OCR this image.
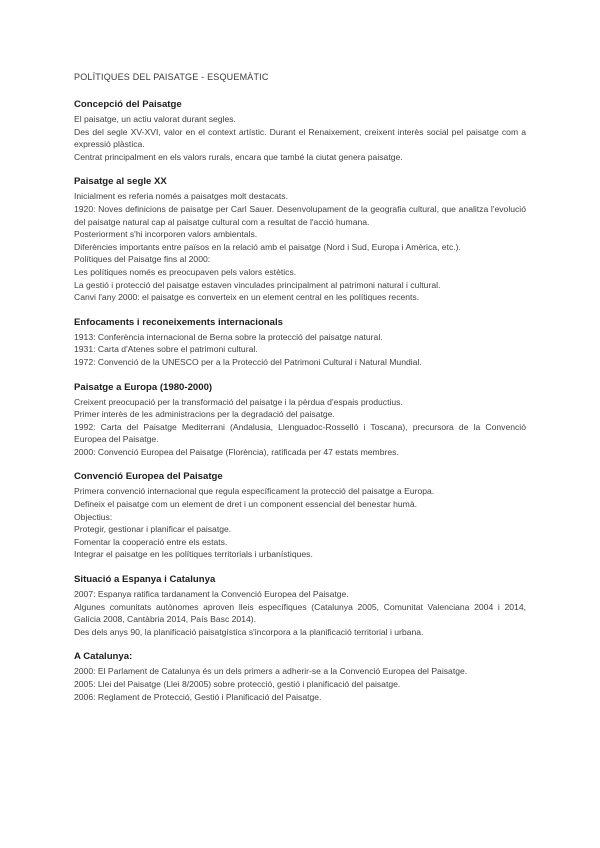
POLÍTIQUES DEL PAISATGE - ESQUEMÀTIC
Concepció del Paisatge

El paisatge, un actiu valorat durant segles.

Des del segle XV-XVI, valor en el context artístic. Durant el Renaixement, creixent interès social pel paisatge com a expressió plàstica.

Centrat principalment en els valors rurals, encara que també la ciutat genera paisatge.

Paisatge al segle XX

Inicialment es referia només a paisatges molt destacats.

1920: Noves definicions de paisatge per Carl Sauer. Desenvolupament de la geografia cultural, que analitza l'evolució del paisatge natural cap al paisatge cultural com a resultat de l'acció humana.

Posteriorment s'hi incorporen valors ambientals.

Diferències importants entre països en la relació amb el paisatge (Nord i Sud, Europa i Amèrica, etc.).

Polítiques del Paisatge fins al 2000:

Les polítiques només es preocupaven pels valors estètics.

La gestió i protecció del paisatge estaven vinculades principalment al patrimoni natural i cultural.

Canvi l'any 2000: el paisatge es converteix en un element central en les polítiques recents.

Enfocaments i reconeixements internacionals

1913: Conferència internacional de Berna sobre la protecció del paisatge natural.

1931: Carta d'Atenes sobre el patrimoni cultural.

1972: Convenció de la UNESCO per a la Protecció del Patrimoni Cultural i Natural Mundial.

Paisatge a Europa (1980-2000)

Creixent preocupació per la transformació del paisatge i la pèrdua d'espais productius.

Primer interès de les administracions per la degradació del paisatge.

1992: Carta del Paisatge Mediterrani (Andalusia, Llenguadoc-Rosselló i Toscana), precursora de la Convenció Europea del Paisatge.

2000: Convenció Europea del Paisatge (Florència), ratificada per 47 estats membres.

Convenció Europea del Paisatge

Primera convenció internacional que regula específicament la protecció del paisatge a Europa.

Defineix el paisatge com un element de dret i un component essencial del benestar humà.

Objectius:

Protegir, gestionar i planificar el paisatge.

Fomentar la cooperació entre els estats.

Integrar el paisatge en les polítiques territorials i urbanístiques.

Situació a Espanya i Catalunya

2007: Espanya ratifica tardanament la Convenció Europea del Paisatge.

Algunes comunitats autònomes aproven lleis específiques (Catalunya 2005, Comunitat Valenciana 2004 i 2014, Galícia 2008, Cantàbria 2014, País Basc 2014).

Des dels anys 90, la planificació paisatgística s'incorpora a la planificació territorial i urbana.

A Catalunya:

2000: El Parlament de Catalunya és un dels primers a adherir-se a la Convenció Europea del Paisatge.

2005: Llei del Paisatge (Llei 8/2005) sobre protecció, gestió i planificació del paisatge.

2006: Reglament de Protecció, Gestió i Planificació del Paisatge.
